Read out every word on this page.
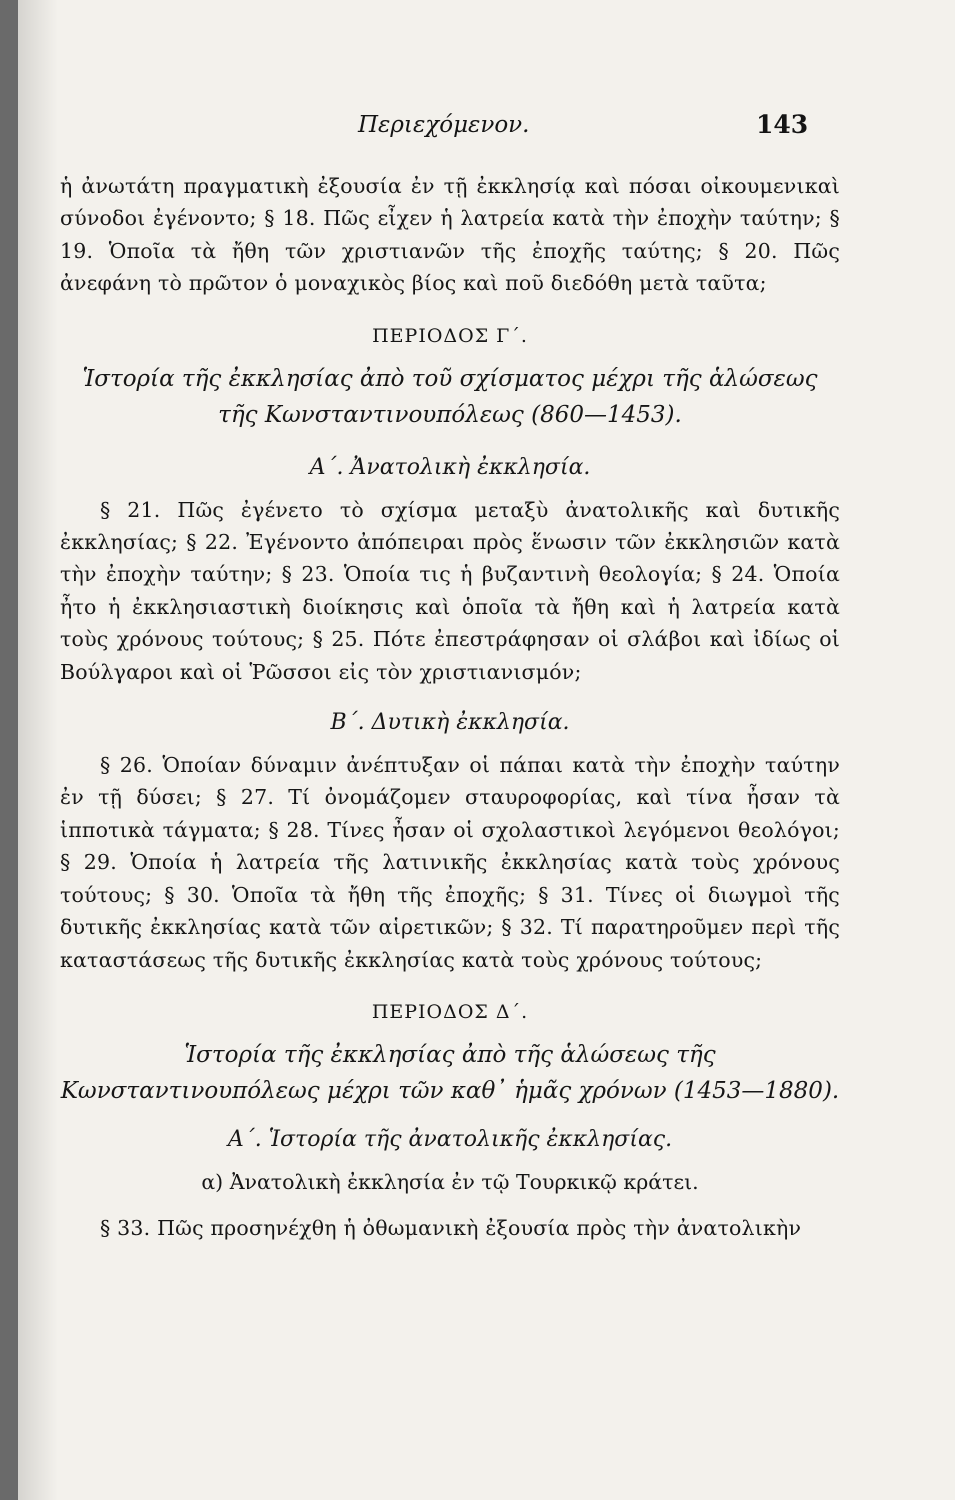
Περιεχόμενον.	143

ἡ ἀνωτάτη πραγματικὴ ἐξουσία ἐν τῇ ἐκκλησίᾳ καὶ πόσαι οἰκουμενικαὶ σύνοδοι ἐγένοντο; § 18. Πῶς εἶχεν ἡ λατρεία κατὰ τὴν ἐποχὴν ταύτην; § 19. Ὁποῖα τὰ ἤθη τῶν χριστιανῶν τῆς ἐποχῆς ταύτης; § 20. Πῶς ἀνεφάνη τὸ πρῶτον ὁ μοναχικὸς βίος καὶ ποῦ διεδόθη μετὰ ταῦτα;

ΠΕΡΙΟΔΟΣ Γ΄.

Ἱστορία τῆς ἐκκλησίας ἀπὸ τοῦ σχίσματος μέχρι τῆς ἁλώσεως τῆς Κωνσταντινουπόλεως (860—1453).

Α΄. Ἀνατολικὴ ἐκκλησία.

§ 21. Πῶς ἐγένετο τὸ σχίσμα μεταξὺ ἀνατολικῆς καὶ δυτικῆς ἐκκλησίας; § 22. Ἐγένοντο ἀπόπειραι πρὸς ἕνωσιν τῶν ἐκκλησιῶν κατὰ τὴν ἐποχὴν ταύτην; § 23. Ὁποία τις ἡ βυζαντινὴ θεολογία; § 24. Ὁποία ἦτο ἡ ἐκκλησιαστικὴ διοίκησις καὶ ὁποῖα τὰ ἤθη καὶ ἡ λατρεία κατὰ τοὺς χρόνους τούτους; § 25. Πότε ἐπεστράφησαν οἱ σλάβοι καὶ ἰδίως οἱ Βούλγαροι καὶ οἱ Ῥῶσσοι εἰς τὸν χριστιανισμόν;

Β΄. Δυτικὴ ἐκκλησία.

§ 26. Ὁποίαν δύναμιν ἀνέπτυξαν οἱ πάπαι κατὰ τὴν ἐποχὴν ταύτην ἐν τῇ δύσει; § 27. Τί ὀνομάζομεν σταυροφορίας, καὶ τίνα ἦσαν τὰ ἱπποτικὰ τάγματα; § 28. Τίνες ἦσαν οἱ σχολαστικοὶ λεγόμενοι θεολόγοι; § 29. Ὁποία ἡ λατρεία τῆς λατινικῆς ἐκκλησίας κατὰ τοὺς χρόνους τούτους; § 30. Ὁποῖα τὰ ἤθη τῆς ἐποχῆς; § 31. Τίνες οἱ διωγμοὶ τῆς δυτικῆς ἐκκλησίας κατὰ τῶν αἱρετικῶν; § 32. Τί παρατηροῦμεν περὶ τῆς καταστάσεως τῆς δυτικῆς ἐκκλησίας κατὰ τοὺς χρόνους τούτους;

ΠΕΡΙΟΔΟΣ Δ΄.

Ἱστορία τῆς ἐκκλησίας ἀπὸ τῆς ἁλώσεως τῆς Κωνσταντινουπόλεως μέχρι τῶν καθ᾽ ἡμᾶς χρόνων (1453—1880).

Α΄. Ἱστορία τῆς ἀνατολικῆς ἐκκλησίας.

α) Ἀνατολικὴ ἐκκλησία ἐν τῷ Τουρκικῷ κράτει.

§ 33. Πῶς προσηνέχθη ἡ ὀθωμανικὴ ἐξουσία πρὸς τὴν ἀνατολικὴν
